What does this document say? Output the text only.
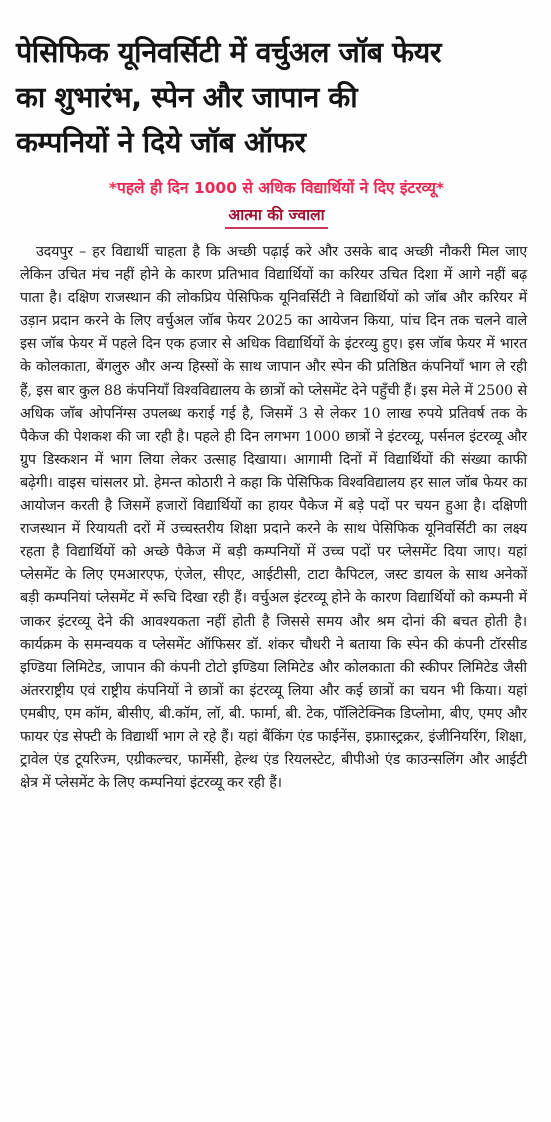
पेसिफिक यूनिवर्सिटी में वर्चुअल जॉब फेयर
का शुभारंभ, स्पेन और जापान की
कम्पनियों ने दिये जॉब ऑफर
*पहले ही दिन 1000 से अधिक विद्यार्थियों ने दिए इंटरव्यू*
आत्मा की ज्वाला

उदयपुर – हर विद्यार्थी चाहता है कि अच्छी पढ़ाई करे और उसके बाद अच्छी नौकरी मिल जाए लेकिन उचित मंच नहीं होने के कारण प्रतिभाव विद्यार्थियों का करियर उचित दिशा में आगे नहीं बढ़ पाता है। दक्षिण राजस्थान की लोकप्रिय पेसिफिक यूनिवर्सिटी ने विद्यार्थियों को जॉब और करियर में उड़ान प्रदान करने के लिए वर्चुअल जॉब फेयर 2025 का आयेजन किया, पांच दिन तक चलने वाले इस जॉब फेयर में पहले दिन एक हजार से अधिक विद्यार्थियों के इंटरव्यु हुए। इस जॉब फेयर में भारत के कोलकाता, बेंगलुरु और अन्य हिस्सों के साथ जापान और स्पेन की प्रतिष्ठित कंपनियाँ भाग ले रही हैं, इस बार कुल 88 कंपनियाँ विश्वविद्यालय के छात्रों को प्लेसमेंट देने पहुँची हैं। इस मेले में 2500 से अधिक जॉब ओपनिंग्स उपलब्ध कराई गई है, जिसमें 3 से लेकर 10 लाख रुपये प्रतिवर्ष तक के पैकेज की पेशकश की जा रही है। पहले ही दिन लगभग 1000 छात्रों ने इंटरव्यू, पर्सनल इंटरव्यू और ग्रुप डिस्कशन में भाग लिया लेकर उत्साह दिखाया। आगामी दिनों में विद्यार्थियों की संख्या काफी बढ़ेगी। वाइस चांसलर प्रो. हेमन्त कोठारी ने कहा कि पेसिफिक विश्वविद्यालय हर साल जॉब फेयर का आयोजन करती है जिसमें हजारों विद्यार्थियों का हायर पैकेज में बड़े पदों पर चयन हुआ है। दक्षिणी राजस्थान में रियायती दरों में उच्चस्तरीय शिक्षा प्रदाने करने के साथ पेसिफिक यूनिवर्सिटी का लक्ष्य रहता है विद्यार्थियों को अच्छे पैकेज में बड़ी कम्पनियों में उच्च पदों पर प्लेसमेंट दिया जाए। यहां प्लेसमेंट के लिए एमआरएफ, एंजेल, सीएट, आईटीसी, टाटा कैपिटल, जस्ट डायल के साथ अनेकों बड़ी कम्पनियां प्लेसमेंट में रूचि दिखा रही हैं। वर्चुअल इंटरव्यू होने के कारण विद्यार्थियों को कम्पनी में जाकर इंटरव्यू देने की आवश्यकता नहीं होती है जिससे समय और श्रम दोनां की बचत होती है। कार्यक्रम के समन्वयक व प्लेसमेंट ऑफिसर डॉ. शंकर चौधरी ने बताया कि स्पेन की कंपनी टॉरसीड इण्डिया लिमिटेड, जापान की कंपनी टोटो इण्डिया लिमिटेड और कोलकाता की स्कीपर लिमिटेड जैसी अंतरराष्ट्रीय एवं राष्ट्रीय कंपनियों ने छात्रों का इंटरव्यू लिया और कई छात्रों का चयन भी किया। यहां एमबीए, एम कॉम, बीसीए, बी.कॉम, लॉ, बी. फार्मा, बी. टेक, पॉलिटेक्निक डिप्लोमा, बीए, एमए और फायर एंड सेफ्टी के विद्यार्थी भाग ले रहे हैं। यहां बैंकिंग एंड फाईनेंस, इफ्राास्ट्रक्रर, इंजीनियरिंग, शिक्षा, ट्रावेल एंड टूयरिज्म, एग्रीकल्चर, फार्मेसी, हेल्थ एंड रियलस्टेट, बीपीओ एंड काउन्सलिंग और आईटी क्षेत्र में प्लेसमेंट के लिए कम्पनियां इंटरव्यू कर रही हैं।
